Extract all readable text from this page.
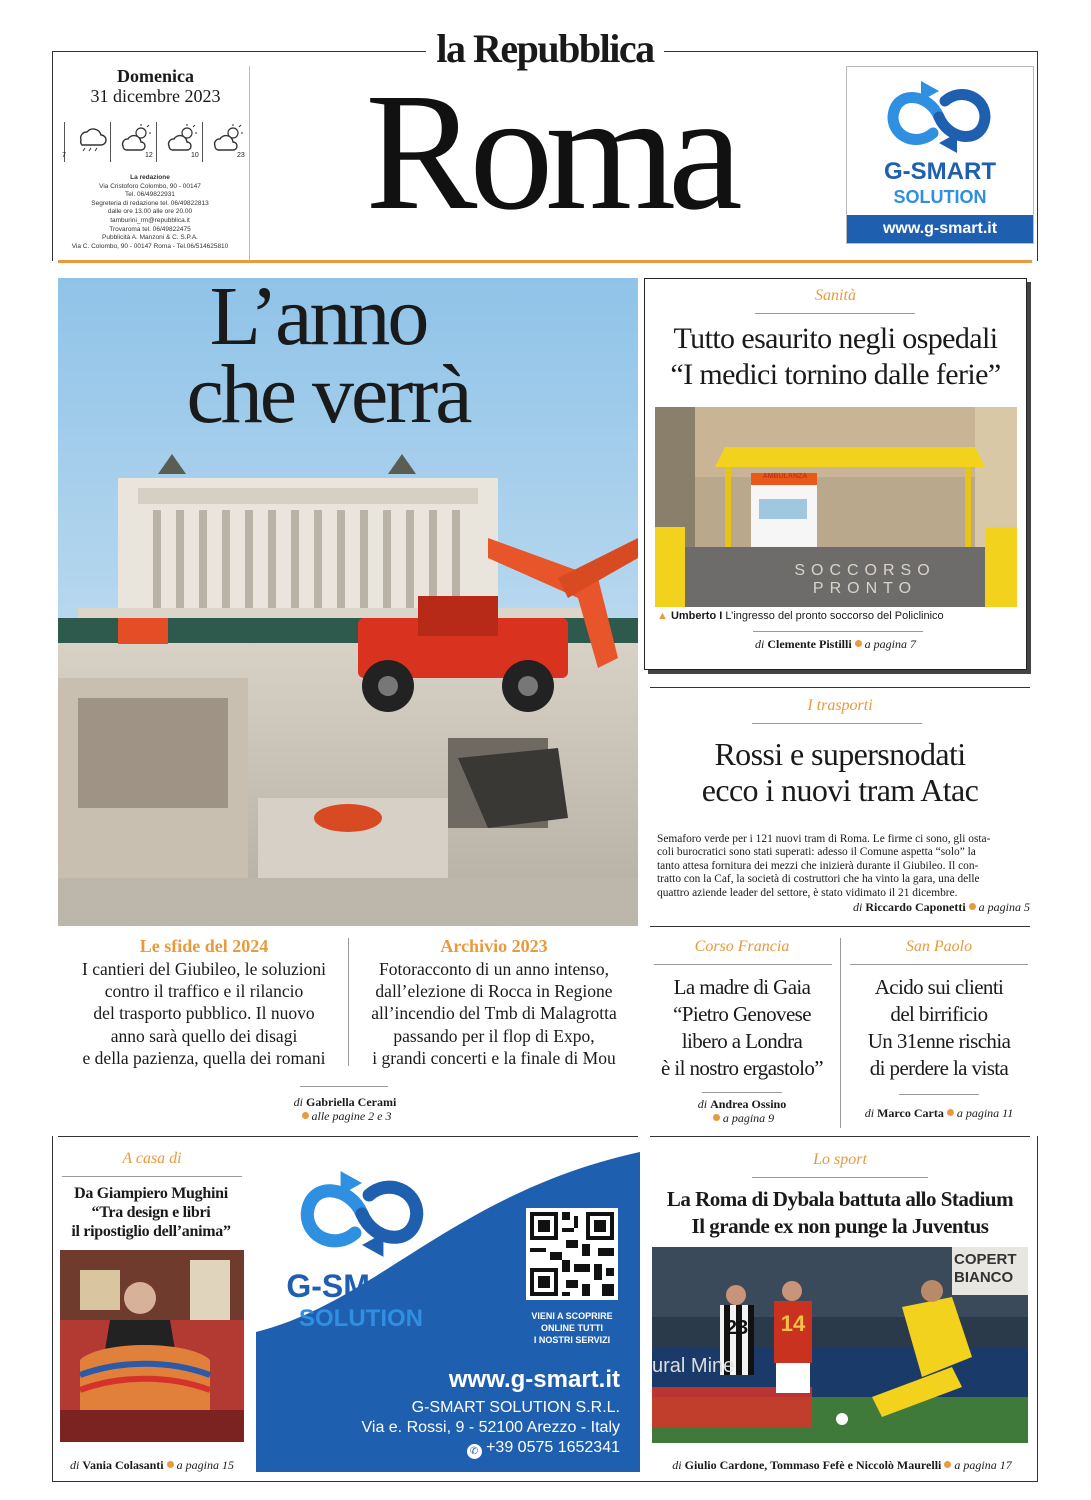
la Repubblica
Domenica
31 dicembre 2023
7	12	10	23
La redazione
Via Cristoforo Colombo, 90 - 00147
Tel. 06/49822931
Segreteria di redazione tel. 06/49822813
dalle ore 13.00 alle ore 20.00
tamburini_rm@repubblica.it
Trovaroma tel. 06/49822475
Pubblicità A. Manzoni & C. S.P.A.
Via C. Colombo, 90 - 00147 Roma - Tel.06/514625810
Roma	G-SMART
SOLUTION
www.g-smart.it
L’anno
che verrà
Le sfide del 2024
I cantieri del Giubileo, le soluzioni
contro il traffico e il rilancio
del trasporto pubblico. Il nuovo
anno sarà quello dei disagi
e della pazienza, quella dei romani
Archivio 2023
Fotoracconto di un anno intenso,
dall’elezione di Rocca in Regione
all’incendio del Tmb di Malagrotta
passando per il flop di Expo,
i grandi concerti e la finale di Mou
di Gabriella Cerami
alle pagine 2 e 3
Sanità
Tutto esaurito negli ospedali
“I medici tornino dalle ferie”
AMBULANZA
SOCCORSO
PRONTO
▲ Umberto I L’ingresso del pronto soccorso del Policlinico
di Clemente Pistilli a pagina 7
I trasporti
Rossi e supersnodati
ecco i nuovi tram Atac
Semaforo verde per i 121 nuovi tram di Roma. Le firme ci sono, gli osta-
coli burocratici sono stati superati: adesso il Comune aspetta “solo” la
tanto attesa fornitura dei mezzi che inizierà durante il Giubileo. Il con-
tratto con la Caf, la società di costruttori che ha vinto la gara, una delle
quattro aziende leader del settore, è stato vidimato il 21 dicembre.
di Riccardo Caponetti a pagina 5
Corso Francia
La madre di Gaia
“Pietro Genovese
libero a Londra
è il nostro ergastolo”
di Andrea Ossino
a pagina 9
San Paolo
Acido sui clienti
del birrificio
Un 31enne rischia
di perdere la vista
di Marco Carta a pagina 11
A casa di
Da Giampiero Mughini
“Tra design e libri
il ripostiglio dell’anima”
di Vania Colasanti a pagina 15
G-SMART
SOLUTION	VIENI A SCOPRIRE
ONLINE TUTTI
I NOSTRI SERVIZI
www.g-smart.it
G-SMART SOLUTION S.R.L.
Via e. Rossi, 9 - 52100 Arezzo - Italy
✆ +39 0575 1652341
Lo sport
La Roma di Dybala battuta allo Stadium
Il grande ex non punge la Juventus
COPERT
BIANCO
23	14
ural Mine
di Giulio Cardone, Tommaso Fefè e Niccolò Maurelli a pagina 17
